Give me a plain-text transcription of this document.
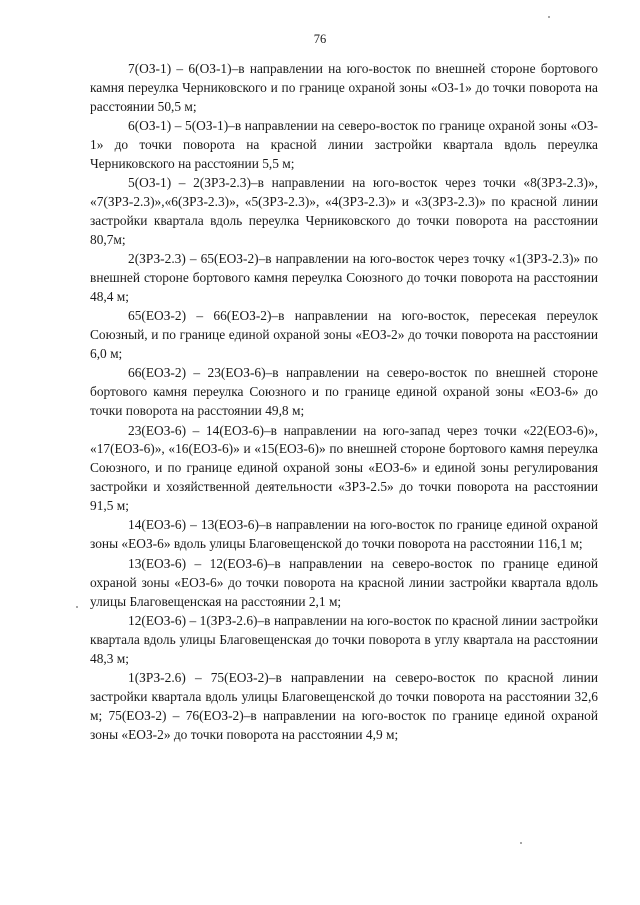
76

7(ОЗ-1) – 6(ОЗ-1)–в направлении на юго-восток по внешней стороне бортового камня переулка Черниковского и по границе охраной зоны «ОЗ-1» до точки поворота на расстоянии 50,5 м;

6(ОЗ-1) – 5(ОЗ-1)–в направлении на северо-восток по границе охраной зоны «ОЗ- 1» до точки поворота на красной линии застройки квартала вдоль переулка Черниковского на расстоянии 5,5 м;

5(ОЗ-1) – 2(ЗРЗ-2.3)–в направлении на юго-восток через точки «8(ЗРЗ-2.3)», «7(ЗРЗ-2.3)»,«6(ЗРЗ-2.3)», «5(ЗРЗ-2.3)», «4(ЗРЗ-2.3)» и «3(ЗРЗ-2.3)» по красной линии застройки квартала вдоль переулка Черниковского до точки поворота на расстоянии 80,7м;

2(ЗРЗ-2.3) – 65(ЕОЗ-2)–в направлении на юго-восток через точку «1(ЗРЗ-2.3)» по внешней стороне бортового камня переулка Союзного до точки поворота на расстоянии 48,4 м;

65(ЕОЗ-2) – 66(ЕОЗ-2)–в направлении на юго-восток, пересекая переулок Союзный, и по границе единой охраной зоны «ЕОЗ-2» до точки поворота на расстоянии 6,0 м;

66(ЕОЗ-2) – 23(ЕОЗ-6)–в направлении на северо-восток по внешней стороне бортового камня переулка Союзного и по границе единой охраной зоны «ЕОЗ-6» до точки поворота на расстоянии 49,8 м;

23(ЕОЗ-6) – 14(ЕОЗ-6)–в направлении на юго-запад через точки «22(ЕОЗ-6)», «17(ЕОЗ-6)», «16(ЕОЗ-6)» и «15(ЕОЗ-6)» по внешней стороне бортового камня переулка Союзного, и по границе единой охраной зоны «ЕОЗ-6» и единой зоны регулирования застройки и хозяйственной деятельности «ЗРЗ-2.5» до точки поворота на расстоянии 91,5 м;

14(ЕОЗ-6) – 13(ЕОЗ-6)–в направлении на юго-восток по границе единой охраной зоны «ЕОЗ-6» вдоль улицы Благовещенской до точки поворота на расстоянии 116,1 м;

13(ЕОЗ-6) – 12(ЕОЗ-6)–в направлении на северо-восток по границе единой охраной зоны «ЕОЗ-6» до точки поворота на красной линии застройки квартала вдоль улицы Благовещенская на расстоянии 2,1 м;

12(ЕОЗ-6) – 1(ЗРЗ-2.6)–в направлении на юго-восток по красной линии застройки квартала вдоль улицы Благовещенская до точки поворота в углу квартала на расстоянии 48,3 м;

1(ЗРЗ-2.6) – 75(ЕОЗ-2)–в направлении на северо-восток по красной линии застройки квартала вдоль улицы Благовещенской до точки поворота на расстоянии 32,6 м; 75(ЕОЗ-2) – 76(ЕОЗ-2)–в направлении на юго-восток по границе единой охраной зоны «ЕОЗ-2» до точки поворота на расстоянии 4,9 м;
